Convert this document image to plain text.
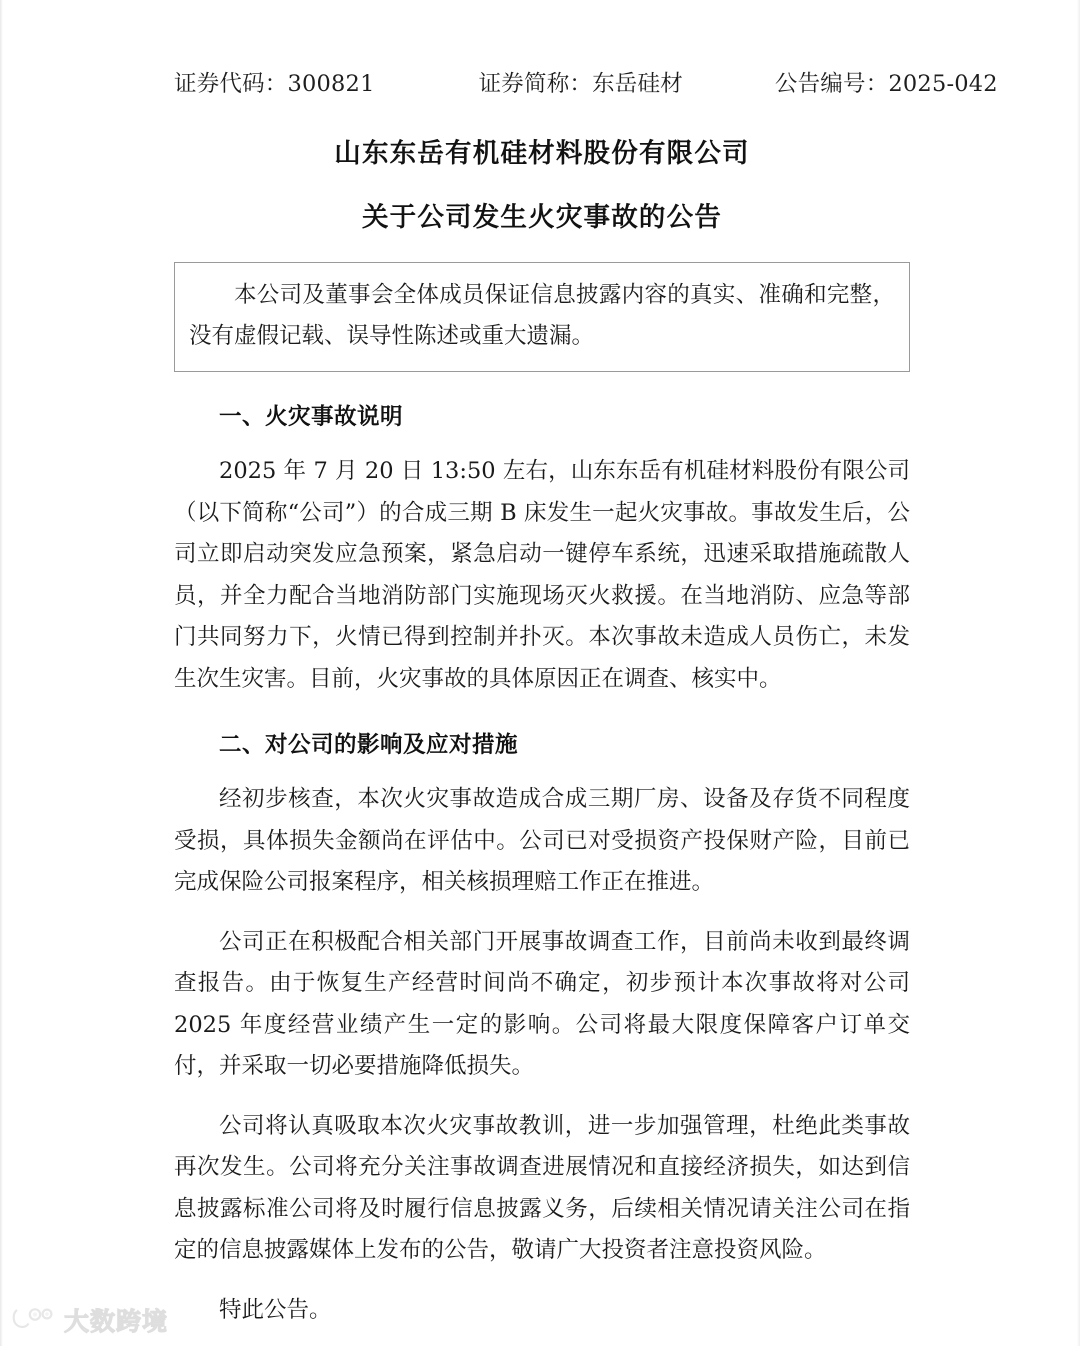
证券代码：300821	证券简称：东岳硅材	公告编号：2025-042
山东东岳有机硅材料股份有限公司
关于公司发生火灾事故的公告

本公司及董事会全体成员保证信息披露内容的真实、准确和完整，没有虚假记载、误导性陈述或重大遗漏。

一、火灾事故说明

2025 年 7 月 20 日 13:50 左右，山东东岳有机硅材料股份有限公司（以下简称“公司”）的合成三期 B 床发生一起火灾事故。事故发生后，公司立即启动突发应急预案，紧急启动一键停车系统，迅速采取措施疏散人员，并全力配合当地消防部门实施现场灭火救援。在当地消防、应急等部门共同努力下，火情已得到控制并扑灭。本次事故未造成人员伤亡，未发生次生灾害。目前，火灾事故的具体原因正在调查、核实中。

二、对公司的影响及应对措施

经初步核查，本次火灾事故造成合成三期厂房、设备及存货不同程度受损，具体损失金额尚在评估中。公司已对受损资产投保财产险，目前已完成保险公司报案程序，相关核损理赔工作正在推进。

公司正在积极配合相关部门开展事故调查工作，目前尚未收到最终调查报告。由于恢复生产经营时间尚不确定，初步预计本次事故将对公司 2025 年度经营业绩产生一定的影响。公司将最大限度保障客户订单交付，并采取一切必要措施降低损失。

公司将认真吸取本次火灾事故教训，进一步加强管理，杜绝此类事故再次发生。公司将充分关注事故调查进展情况和直接经济损失，如达到信息披露标准公司将及时履行信息披露义务，后续相关情况请关注公司在指定的信息披露媒体上发布的公告，敬请广大投资者注意投资风险。

特此公告。

大数跨境
